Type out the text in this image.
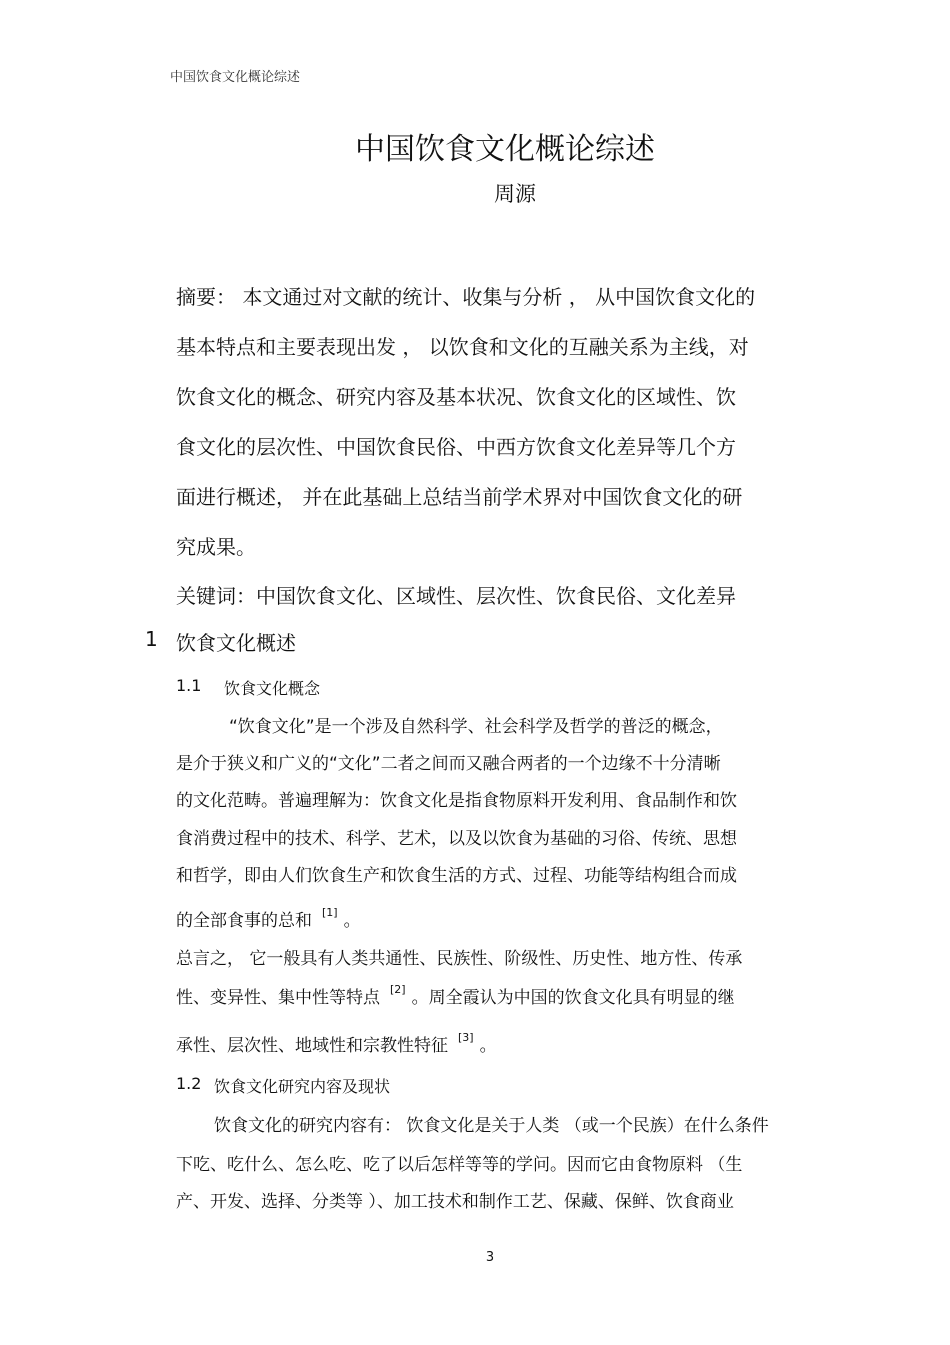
中国饮食文化概论综述
中国饮食文化概论综述
周源
摘要： 本文通过对文献的统计、收集与分析 ， 从中国饮食文化的
基本特点和主要表现出发 ， 以饮食和文化的互融关系为主线，对
饮食文化的概念、研究内容及基本状况、饮食文化的区域性、饮
食文化的层次性、中国饮食民俗、中西方饮食文化差异等几个方
面进行概述， 并在此基础上总结当前学术界对中国饮食文化的研
究成果。
关键词：中国饮食文化、区域性、层次性、饮食民俗、文化差异
1 饮食文化概述
1.1 饮食文化概念
“饮食文化”是一个涉及自然科学、社会科学及哲学的普泛的概念，
是介于狭义和广义的“文化”二者之间而又融合两者的一个边缘不十分清晰
的文化范畴。普遍理解为：饮食文化是指食物原料开发利用、食品制作和饮
食消费过程中的技术、科学、艺术，以及以饮食为基础的习俗、传统、思想
和哲学，即由人们饮食生产和饮食生活的方式、过程、功能等结构组合而成
的全部食事的总和 [1] 。
总言之， 它一般具有人类共通性、民族性、阶级性、历史性、地方性、传承
性、变异性、集中性等特点 [2] 。周全霞认为中国的饮食文化具有明显的继
承性、层次性、地域性和宗教性特征 [3] 。
1.2 饮食文化研究内容及现状
饮食文化的研究内容有： 饮食文化是关于人类 （或一个民族）在什么条件
下吃、吃什么、怎么吃、吃了以后怎样等等的学问。因而它由食物原料 （生
产、开发、选择、分类等 ）、加工技术和制作工艺、保藏、保鲜、饮食商业
3
